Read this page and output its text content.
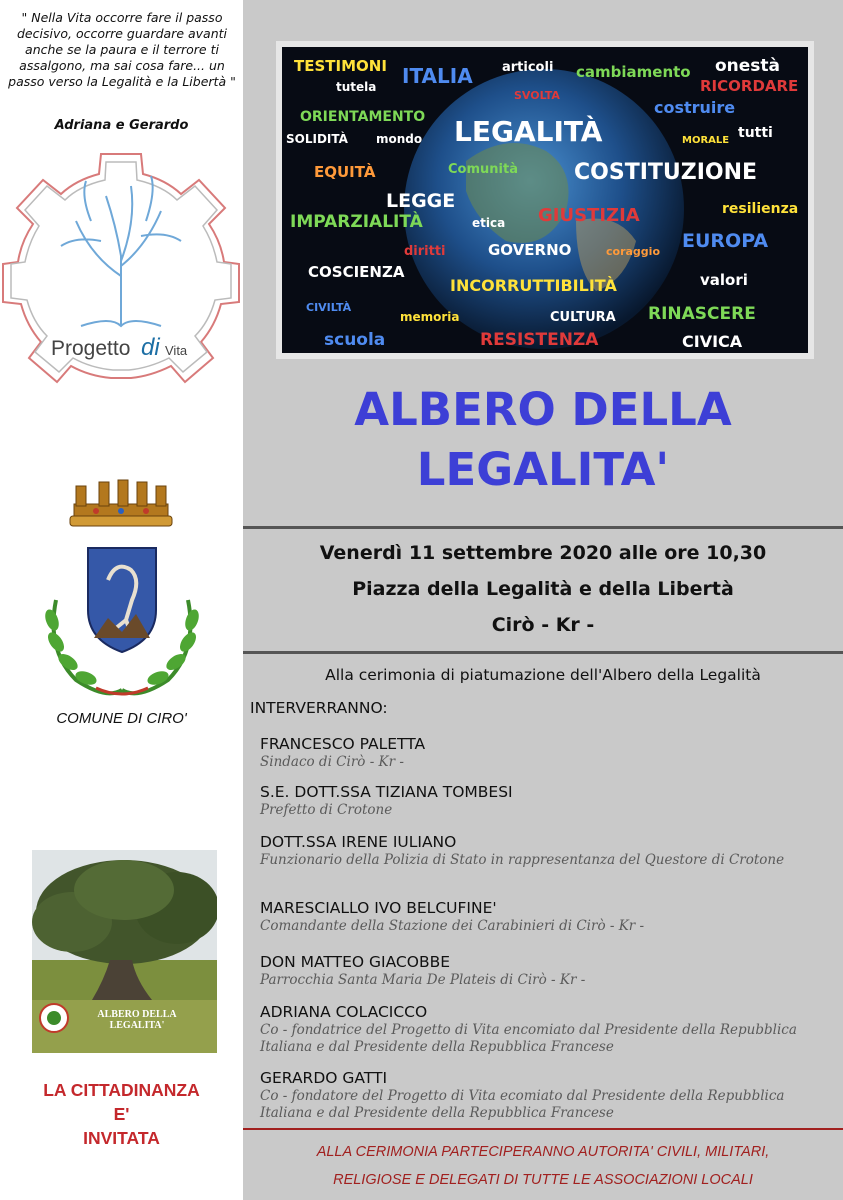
" Nella Vita occorre fare il passo decisivo, occorre guardare avanti anche se la paura e il terrore ti assalgono, ma sai cosa fare... un passo verso la Legalità e la Libertà "
Adriana e Gerardo
Progetto di Vita
COMUNE DI CIRO'
ALBERO DELLA
LEGALITA'
LA CITTADINANZA
E'
INVITATA
TESTIMONI	articoli	onestà
tutela ITALIA	cambiamento
RICORDARE
SVOLTA
ORIENTAMENTO	costruire
SOLIDITÀ mondo LEGALITÀ	MORALE tutti
EQUITÀ	Comunità	COSTITUZIONE
LEGGE
IMPARZIALITÀ	etica GIUSTIZIA	resilienza
diritti	GOVERNO	coraggio EUROPA
COSCIENZA
INCORRUTTIBILITÀ	valori
CIVILTÀ
memoria	CULTURA RINASCERE
scuola	RESISTENZA	CIVICA
ALBERO DELLA
LEGALITA'
Venerdì 11 settembre 2020 alle ore 10,30
Piazza della Legalità e della Libertà
Cirò - Kr -
Alla cerimonia di piatumazione dell'Albero della Legalità
INTERVERRANNO:
FRANCESCO PALETTA
Sindaco di Cirò - Kr -
S.E. DOTT.SSA TIZIANA TOMBESI
Prefetto di Crotone
DOTT.SSA IRENE IULIANO
Funzionario della Polizia di Stato in rappresentanza del Questore di Crotone
MARESCIALLO IVO BELCUFINE'
Comandante della Stazione dei Carabinieri di Cirò - Kr -
DON MATTEO GIACOBBE
Parrocchia Santa Maria De Plateis di Cirò - Kr -
ADRIANA COLACICCO
Co - fondatrice del Progetto di Vita encomiato dal Presidente della Repubblica Italiana e dal Presidente della Repubblica Francese
GERARDO GATTI
Co - fondatore del Progetto di Vita ecomiato dal Presidente della Repubblica Italiana e dal Presidente della Repubblica Francese
ALLA CERIMONIA PARTECIPERANNO AUTORITA' CIVILI, MILITARI,
RELIGIOSE E DELEGATI DI TUTTE LE ASSOCIAZIONI LOCALI
